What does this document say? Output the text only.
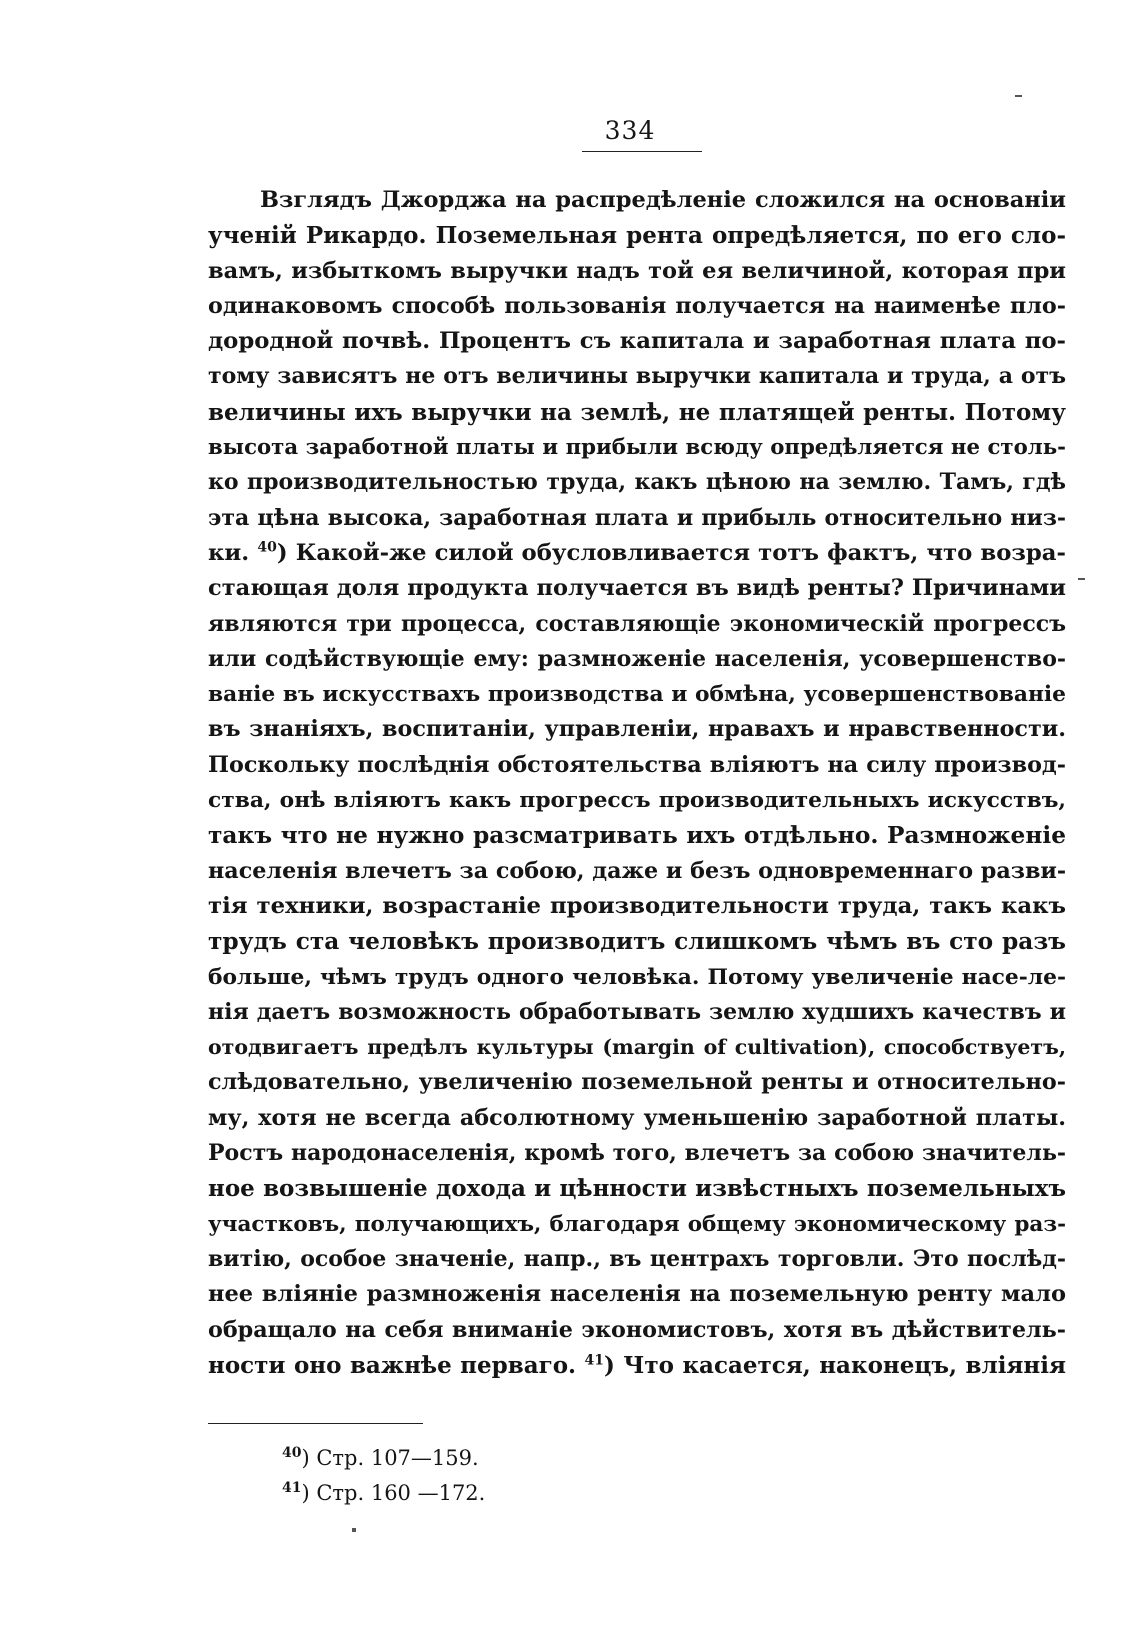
334
Взглядъ Джорджа на распредѣленіе сложился на основаніи
ученій Рикардо. Поземельная рента опредѣляется, по его сло-
вамъ, избыткомъ выручки надъ той ея величиной, которая при
одинаковомъ способѣ пользованія получается на наименѣе пло-
дородной почвѣ. Процентъ съ капитала и заработная плата по-
тому зависятъ не отъ величины выручки капитала и труда, а отъ
величины ихъ выручки на землѣ, не платящей ренты. Потому
высота заработной платы и прибыли всюду опредѣляется не столь-
ко производительностью труда, какъ цѣною на землю. Тамъ, гдѣ
эта цѣна высока, заработная плата и прибыль относительно низ-
ки. $^{40}$) Какой-же силой обусловливается тотъ фактъ, что возра-
стающая доля продукта получается въ видѣ ренты? Причинами
являются три процесса, составляющіе экономическій прогрессъ
или содѣйствующіе ему: размноженіе населенія, усовершенство-
ваніе въ искусствахъ производства и обмѣна, усовершенствованіе
въ знаніяхъ, воспитаніи, управленіи, нравахъ и нравственности.
Поскольку послѣднія обстоятельства вліяютъ на силу производ-
ства, онѣ вліяютъ какъ прогрессъ производительныхъ искусствъ,
такъ что не нужно разсматривать ихъ отдѣльно. Размноженіе
населенія влечетъ за собою, даже и безъ одновременнаго разви-
тія техники, возрастаніе производительности труда, такъ какъ
трудъ ста человѣкъ производитъ слишкомъ чѣмъ въ сто разъ
больше, чѣмъ трудъ одного человѣка. Потому увеличеніе насе-ле-
нія даетъ возможность обработывать землю худшихъ качествъ и
отодвигаетъ предѣлъ культуры (margin of cultivation), способствуетъ,
слѣдовательно, увеличенію поземельной ренты и относительно-
му, хотя не всегда абсолютному уменьшенію заработной платы.
Ростъ народонаселенія, кромѣ того, влечетъ за собою значитель-
ное возвышеніе дохода и цѣнности извѣстныхъ поземельныхъ
участковъ, получающихъ, благодаря общему экономическому раз-
витію, особое значеніе, напр., въ центрахъ торговли. Это послѣд-
нее вліяніе размноженія населенія на поземельную ренту мало
обращало на себя вниманіе экономистовъ, хотя въ дѣйствитель-
ности оно важнѣе перваго. $^{41}$) Что касается, наконецъ, вліянія
$^{40}$) Стр. 107—159.
$^{41}$) Стр. 160 —172.
